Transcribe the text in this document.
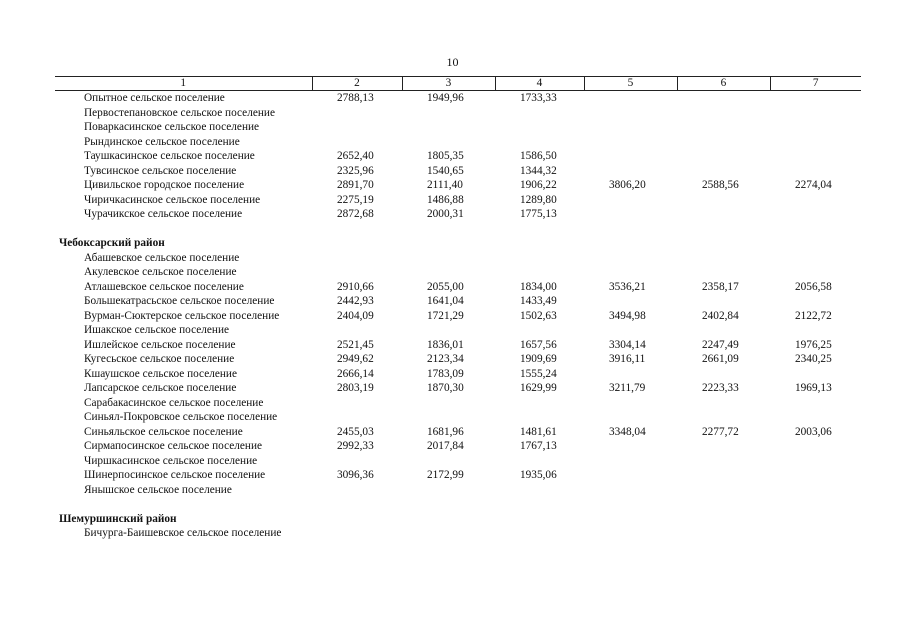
10
1	2	3	4	5	6	7
Опытное сельское поселение	2788,13	1949,96	1733,33			
Первостепановское сельское поселение						
Поваркасинское сельское поселение						
Рындинское сельское поселение						
Таушкасинское сельское поселение	2652,40	1805,35	1586,50			
Тувсинское сельское поселение	2325,96	1540,65	1344,32			
Цивильское городское поселение	2891,70	2111,40	1906,22	3806,20	2588,56	2274,04
Чиричкасинское сельское поселение	2275,19	1486,88	1289,80			
Чурачикское сельское поселение	2872,68	2000,31	1775,13			

Чебоксарский район						
Абашевское сельское поселение						
Акулевское сельское поселение						
Атлашевское сельское поселение	2910,66	2055,00	1834,00	3536,21	2358,17	2056,58
Большекатрасьское сельское поселение	2442,93	1641,04	1433,49			
Вурман-Сюктерское сельское поселение	2404,09	1721,29	1502,63	3494,98	2402,84	2122,72
Ишакское сельское поселение						
Ишлейское сельское поселение	2521,45	1836,01	1657,56	3304,14	2247,49	1976,25
Кугесьское сельское поселение	2949,62	2123,34	1909,69	3916,11	2661,09	2340,25
Кшаушское сельское поселение	2666,14	1783,09	1555,24			
Лапсарское сельское поселение	2803,19	1870,30	1629,99	3211,79	2223,33	1969,13
Сарабакасинское сельское поселение						
Синьял-Покровское сельское поселение						
Синьяльское сельское поселение	2455,03	1681,96	1481,61	3348,04	2277,72	2003,06
Сирмапосинское сельское поселение	2992,33	2017,84	1767,13			
Чиршкасинское сельское поселение						
Шинерпосинское сельское поселение	3096,36	2172,99	1935,06			
Янышское сельское поселение						

Шемуршинский район						
Бичурга-Баишевское сельское поселение						
